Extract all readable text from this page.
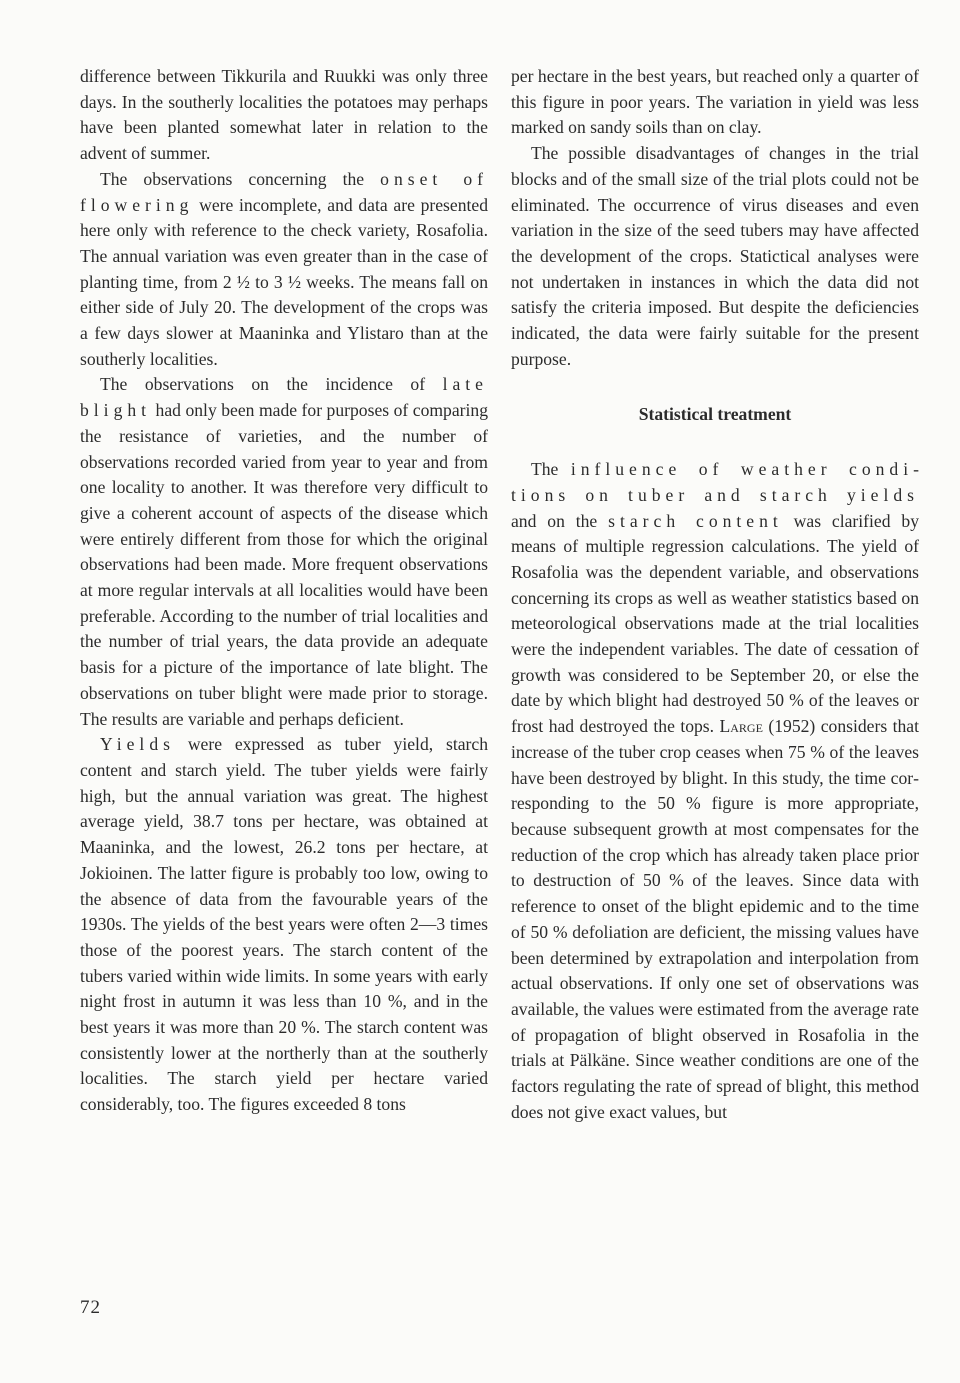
difference between Tikkurila and Ruukki was only three days. In the southerly localities the potatoes may perhaps have been planted somewhat later in relation to the advent of summer.

The observations concerning the onset of flowering were incomplete, and data are presented here only with reference to the check variety, Rosafolia. The annual variation was even greater than in the case of planting time, from 2 ½ to 3 ½ weeks. The means fall on either side of July 20. The development of the crops was a few days slower at Maaninka and Ylistaro than at the southerly localities.

The observations on the incidence of late blight had only been made for purposes of comparing the resistance of varieties, and the number of observations recorded varied from year to year and from one locality to another. It was therefore very difficult to give a coherent account of aspects of the disease which were entirely different from those for which the original observations had been made. More frequent observations at more regular intervals at all localities would have been preferable. According to the number of trial localities and the number of trial years, the data provide an adequate basis for a picture of the importance of late blight. The observations on tuber blight were made prior to storage. The results are variable and perhaps deficient.

Yields were expressed as tuber yield, starch content and starch yield. The tuber yields were fairly high, but the annual variation was great. The highest average yield, 38.7 tons per hectare, was obtained at Maaninka, and the lowest, 26.2 tons per hectare, at Jokioinen. The latter figure is probably too low, owing to the absence of data from the favourable years of the 1930s. The yields of the best years were often 2—3 times those of the poorest years. The starch content of the tubers varied within wide limits. In some years with early night frost in autumn it was less than 10 %, and in the best years it was more than 20 %. The starch content was consistently lower at the northerly than at the southerly localities. The starch yield per hectare varied considerably, too. The figures exceeded 8 tons

per hectare in the best years, but reached only a quarter of this figure in poor years. The variation in yield was less marked on sandy soils than on clay.

The possible disadvantages of changes in the trial blocks and of the small size of the trial plots could not be eliminated. The occurrence of virus diseases and even variation in the size of the seed tubers may have affected the development of the crops. Statictical analyses were not undertaken in instances in which the data did not satisfy the criteria imposed. But despite the deficiencies indicated, the data were fairly suitable for the present purpose.

Statistical treatment

The influence of weather conditions on tuber and starch yields and on the starch content was clarified by means of multiple regression calculations. The yield of Rosafolia was the dependent variable, and observations concerning its crops as well as weather statistics based on meteorological observations made at the trial localities were the independent variables. The date of cessation of growth was considered to be September 20, or else the date by which blight had destroyed 50 % of the leaves or frost had destroyed the tops. Large (1952) considers that increase of the tuber crop ceases when 75 % of the leaves have been destroyed by blight. In this study, the time corresponding to the 50 % figure is more appropriate, because subsequent growth at most compensates for the reduction of the crop which has already taken place prior to destruction of 50 % of the leaves. Since data with reference to onset of the blight epidemic and to the time of 50 % defoliation are deficient, the missing values have been determined by extrapolation and interpolation from actual observations. If only one set of observations was available, the values were estimated from the average rate of propagation of blight observed in Rosafolia in the trials at Pälkäne. Since weather conditions are one of the factors regulating the rate of spread of blight, this method does not give exact values, but

72
